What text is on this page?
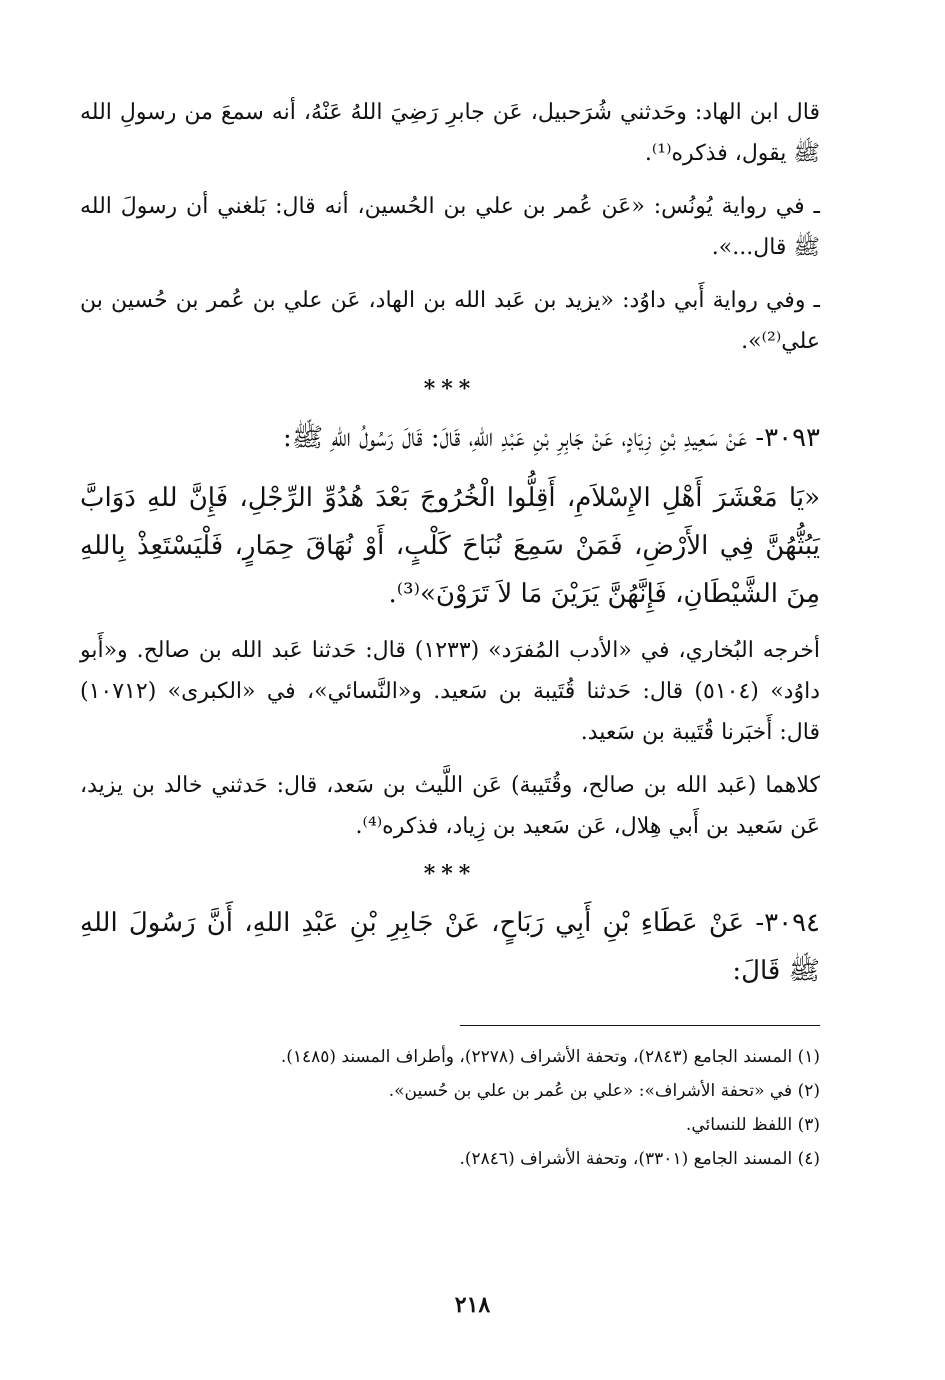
قال ابن الهاد: وحَدثني شُرَحبيل، عَن جابرِ رَضِيَ اللهُ عَنْهُ، أنه سمعَ من رسولِ الله ﷺ يقول، فذكره⁽¹⁾.

ـ في رواية يُونُس: «عَن عُمر بن علي بن الحُسين، أنه قال: بَلغني أن رسولَ الله ﷺ قال...».

ـ وفي رواية أَبي داوُد: «يزيد بن عَبد الله بن الهاد، عَن علي بن عُمر بن حُسين بن علي⁽²⁾».

***

٣٠٩٣- عَنْ سَعِيدِ بْنِ زِيَادٍ، عَنْ جَابِرِ بْنِ عَبْدِ اللهِ، قَالَ: قَالَ رَسُولُ اللهِ ﷺ:

«يَا مَعْشَرَ أَهْلِ الإِسْلاَمِ، أَقِلُّوا الْخُرُوجَ بَعْدَ هُدُوِّ الرِّجْلِ، فَإِنَّ للهِ دَوَابَّ يَبُثُّهُنَّ فِي الأَرْضِ، فَمَنْ سَمِعَ نُبَاحَ كَلْبٍ، أَوْ نُهَاقَ حِمَارٍ، فَلْيَسْتَعِذْ بِاللهِ مِنَ الشَّيْطَانِ، فَإِنَّهُنَّ يَرَيْنَ مَا لاَ تَرَوْنَ»⁽³⁾.

أخرجه البُخاري، في «الأدب المُفرَد» (١٢٣٣) قال: حَدثنا عَبد الله بن صالح. و«أَبو داوُد» (٥١٠٤) قال: حَدثنا قُتَيبة بن سَعيد. و«النَّسائي»، في «الكبرى» (١٠٧١٢) قال: أَخبَرنا قُتَيبة بن سَعيد.

كلاهما (عَبد الله بن صالح، وقُتَيبة) عَن اللَّيث بن سَعد، قال: حَدثني خالد بن يزيد، عَن سَعيد بن أَبي هِلال، عَن سَعيد بن زِياد، فذكره⁽⁴⁾.

***

٣٠٩٤- عَنْ عَطَاءِ بْنِ أَبِي رَبَاحٍ، عَنْ جَابِرِ بْنِ عَبْدِ اللهِ، أَنَّ رَسُولَ اللهِ ﷺ قَالَ:

(١) المسند الجامع (٢٨٤٣)، وتحفة الأشراف (٢٢٧٨)، وأطراف المسند (١٤٨٥).

(٢) في «تحفة الأشراف»: «علي بن عُمر بن علي بن حُسين».

(٣) اللفظ للنسائي.

(٤) المسند الجامع (٣٣٠١)، وتحفة الأشراف (٢٨٤٦).

٢١٨
